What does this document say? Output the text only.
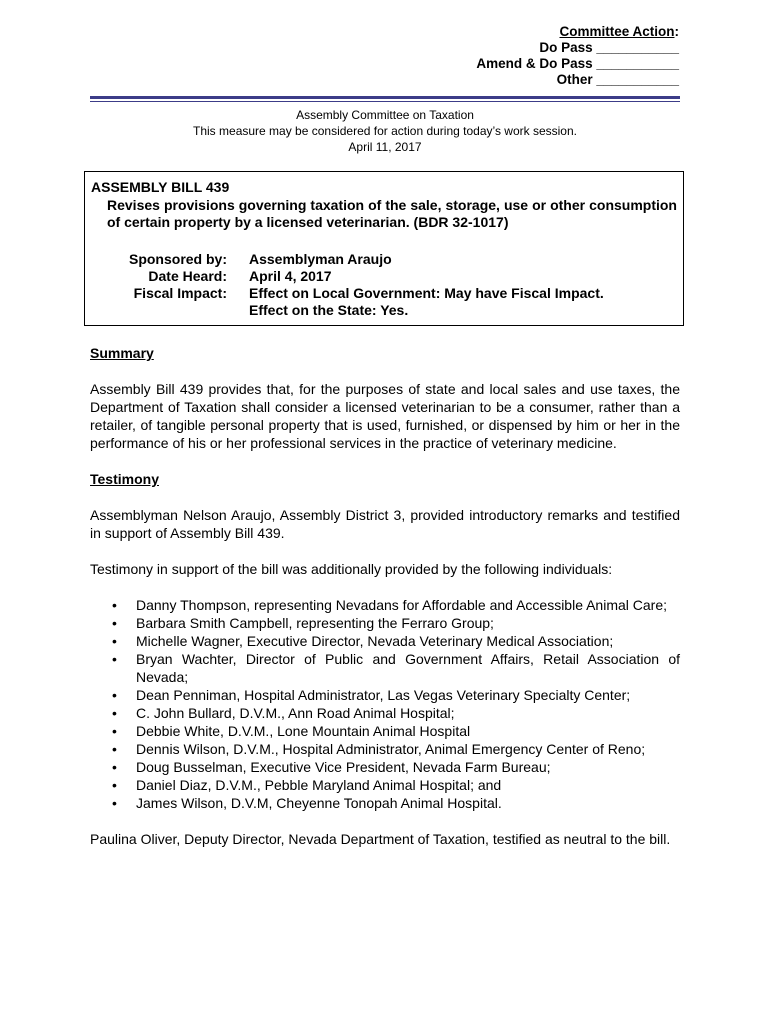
Committee Action:
Do Pass ___________
Amend & Do Pass ___________
Other ___________
Assembly Committee on Taxation
This measure may be considered for action during today’s work session.
April 11, 2017
ASSEMBLY BILL 439
Revises provisions governing taxation of the sale, storage, use or other consumption of certain property by a licensed veterinarian. (BDR 32-1017)
Sponsored by: Assemblyman Araujo
Date Heard: April 4, 2017
Fiscal Impact: Effect on Local Government: May have Fiscal Impact.
Effect on the State: Yes.
Summary

Assembly Bill 439 provides that, for the purposes of state and local sales and use taxes, the Department of Taxation shall consider a licensed veterinarian to be a consumer, rather than a retailer, of tangible personal property that is used, furnished, or dispensed by him or her in the performance of his or her professional services in the practice of veterinary medicine.

Testimony

Assemblyman Nelson Araujo, Assembly District 3, provided introductory remarks and testified in support of Assembly Bill 439.

Testimony in support of the bill was additionally provided by the following individuals:

• Danny Thompson, representing Nevadans for Affordable and Accessible Animal Care;
• Barbara Smith Campbell, representing the Ferraro Group;
• Michelle Wagner, Executive Director, Nevada Veterinary Medical Association;
• Bryan Wachter, Director of Public and Government Affairs, Retail Association of Nevada;
• Dean Penniman, Hospital Administrator, Las Vegas Veterinary Specialty Center;
• C. John Bullard, D.V.M., Ann Road Animal Hospital;
• Debbie White, D.V.M., Lone Mountain Animal Hospital
• Dennis Wilson, D.V.M., Hospital Administrator, Animal Emergency Center of Reno;
• Doug Busselman, Executive Vice President, Nevada Farm Bureau;
• Daniel Diaz, D.V.M., Pebble Maryland Animal Hospital; and
• James Wilson, D.V.M, Cheyenne Tonopah Animal Hospital.

Paulina Oliver, Deputy Director, Nevada Department of Taxation, testified as neutral to the bill.
